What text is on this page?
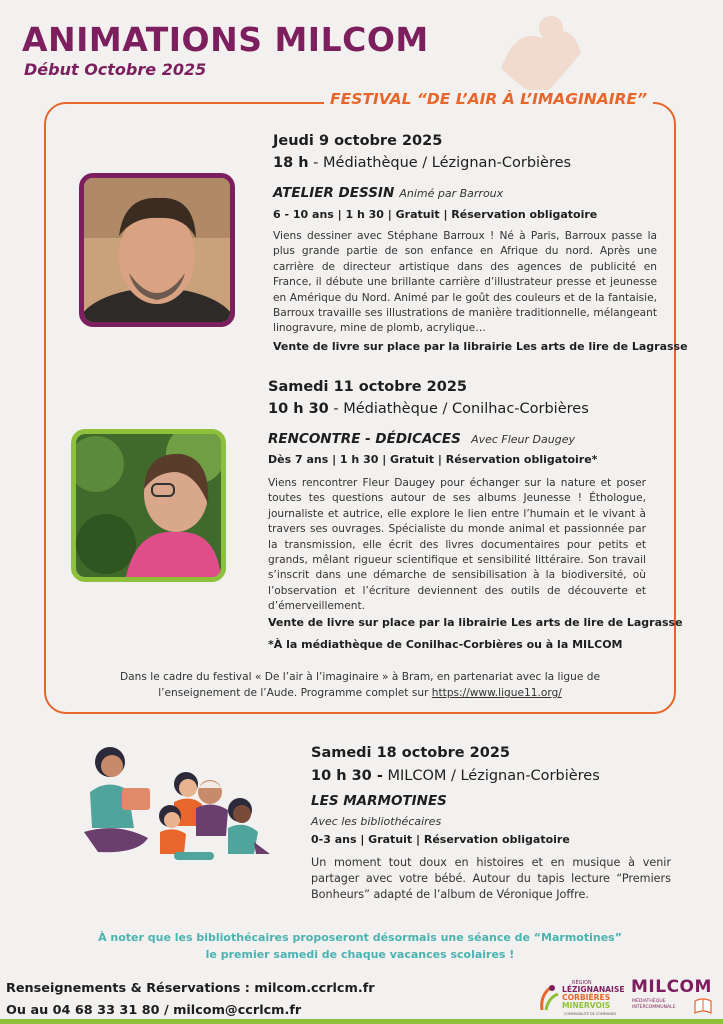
ANIMATIONS MILCOM
Début Octobre 2025
FESTIVAL “DE L’AIR À L’IMAGINAIRE”
Jeudi 9 octobre 2025
18 h - Médiathèque / Lézignan-Corbières
ATELIER DESSIN Animé par Barroux
6 - 10 ans | 1 h 30 | Gratuit | Réservation obligatoire

Viens dessiner avec Stéphane Barroux ! Né à Paris, Barroux passe la plus grande partie de son enfance en Afrique du nord. Après une carrière de directeur artistique dans des agences de publicité en France, il débute une brillante carrière d’illustrateur presse et jeunesse en Amérique du Nord. Animé par le goût des couleurs et de la fantaisie, Barroux travaille ses illustrations de manière traditionnelle, mélangeant linogravure, mine de plomb, acrylique…

Vente de livre sur place par la librairie Les arts de lire de Lagrasse
Samedi 11 octobre 2025
10 h 30 - Médiathèque / Conilhac-Corbières
RENCONTRE - DÉDICACES Avec Fleur Daugey
Dès 7 ans | 1 h 30 | Gratuit | Réservation obligatoire*

Viens rencontrer Fleur Daugey pour échanger sur la nature et poser toutes tes questions autour de ses albums Jeunesse ! Éthologue, journaliste et autrice, elle explore le lien entre l’humain et le vivant à travers ses ouvrages. Spécialiste du monde animal et passionnée par la transmission, elle écrit des livres documentaires pour petits et grands, mêlant rigueur scientifique et sensibilité littéraire. Son travail s’inscrit dans une démarche de sensibilisation à la biodiversité, où l’observation et l’écriture deviennent des outils de découverte et d’émerveillement.

Vente de livre sur place par la librairie Les arts de lire de Lagrasse
*À la médiathèque de Conilhac-Corbières ou à la MILCOM
Dans le cadre du festival « De l’air à l’imaginaire » à Bram, en partenariat avec la ligue de l’enseignement de l’Aude. Programme complet sur https://www.ligue11.org/
Samedi 18 octobre 2025
10 h 30 - MILCOM / Lézignan-Corbières
LES MARMOTINES
Avec les bibliothécaires
0-3 ans | Gratuit | Réservation obligatoire

Un moment tout doux en histoires et en musique à venir partager avec votre bébé. Autour du tapis lecture “Premiers Bonheurs” adapté de l’album de Véronique Joffre.

À noter que les bibliothécaires proposeront désormais une séance de “Marmotines”
le premier samedi de chaque vacances scolaires !
Renseignements & Réservations : milcom.ccrlcm.fr
Ou au 04 68 33 31 80 / milcom@ccrlcm.fr
RÉGION
LÉZIGNANAISE
CORBIÈRES
MINERVOIS
COMMUNAUTÉ DE COMMUNES
MILCOM
MÉDIATHÈQUE
INTERCOMMUNALE
